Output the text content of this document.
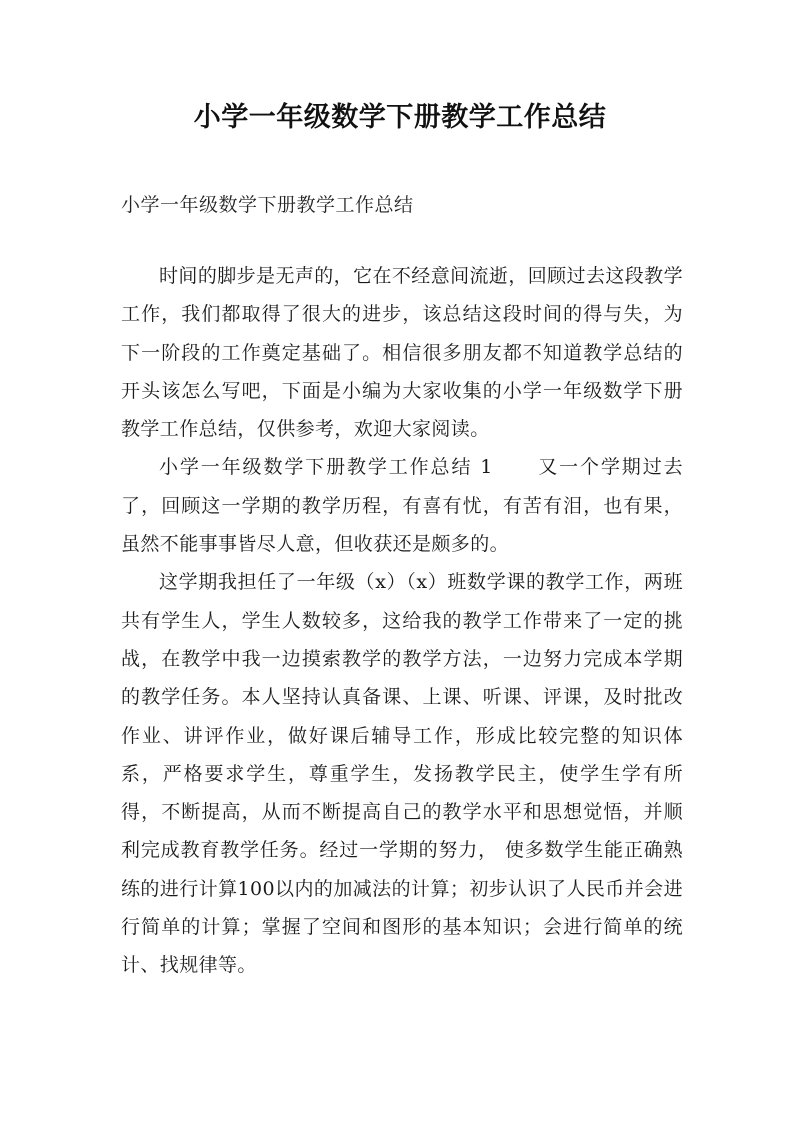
小学一年级数学下册教学工作总结
小学一年级数学下册教学工作总结

时间的脚步是无声的，它在不经意间流逝，回顾过去这段教学工作，我们都取得了很大的进步，该总结这段时间的得与失，为下一阶段的工作奠定基础了。相信很多朋友都不知道教学总结的开头该怎么写吧，下面是小编为大家收集的小学一年级数学下册教学工作总结，仅供参考，欢迎大家阅读。

小学一年级数学下册教学工作总结 1 又一个学期过去了，回顾这一学期的教学历程，有喜有忧，有苦有泪，也有果，虽然不能事事皆尽人意，但收获还是颇多的。

这学期我担任了一年级（x）（x）班数学课的教学工作，两班共有学生人，学生人数较多，这给我的教学工作带来了一定的挑战，在教学中我一边摸索教学的教学方法，一边努力完成本学期的教学任务。本人坚持认真备课、上课、听课、评课，及时批改作业、讲评作业，做好课后辅导工作，形成比较完整的知识体系，严格要求学生，尊重学生，发扬教学民主，使学生学有所得，不断提高，从而不断提高自己的教学水平和思想觉悟，并顺利完成教育教学任务。经过一学期的努力， 使多数学生能正确熟练的进行计算100以内的加减法的计算；初步认识了人民币并会进行简单的计算；掌握了空间和图形的基本知识；会进行简单的统计、找规律等。
